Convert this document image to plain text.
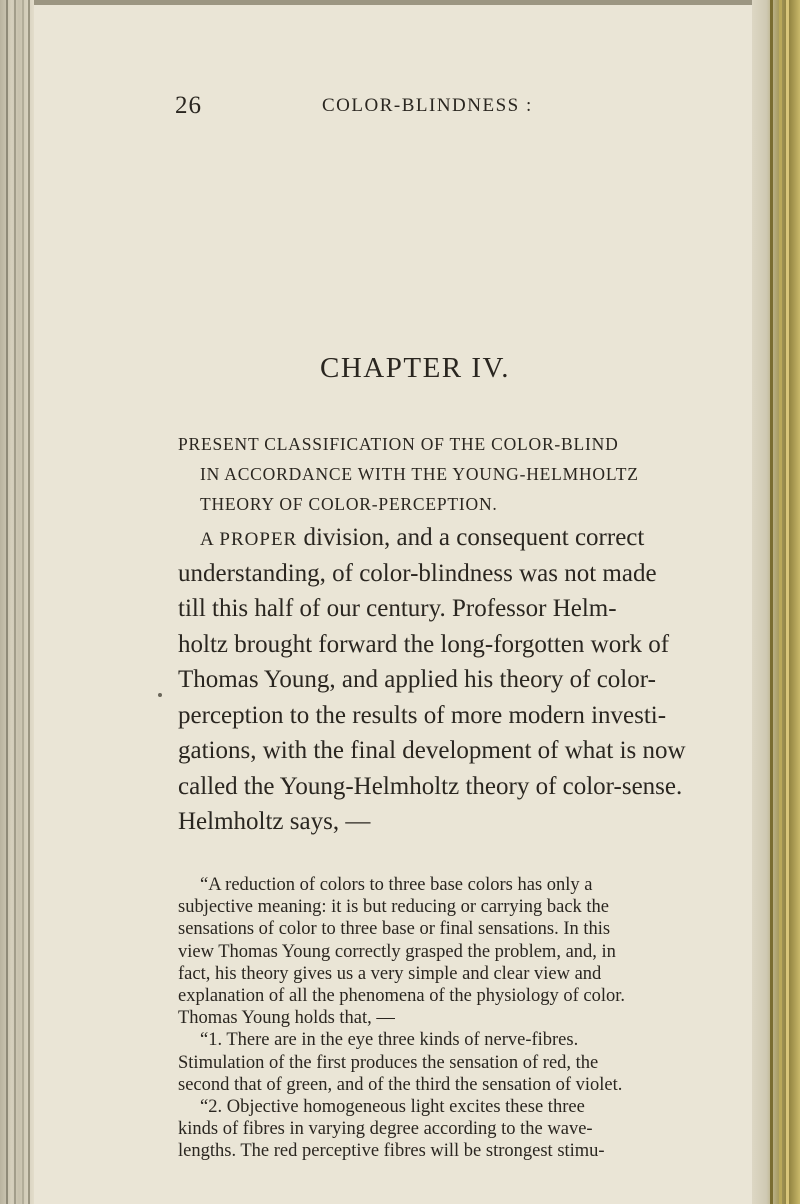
26	COLOR-BLINDNESS :
CHAPTER IV.
PRESENT CLASSIFICATION OF THE COLOR-BLIND
IN ACCORDANCE WITH THE YOUNG-HELMHOLTZ
THEORY OF COLOR-PERCEPTION.
A PROPER division, and a consequent correct
understanding, of color-blindness was not made
till this half of our century. Professor Helm-
holtz brought forward the long-forgotten work of
Thomas Young, and applied his theory of color-
perception to the results of more modern investi-
gations, with the final development of what is now
called the Young-Helmholtz theory of color-sense.
Helmholtz says, —
“A reduction of colors to three base colors has only a
subjective meaning: it is but reducing or carrying back the
sensations of color to three base or final sensations. In this
view Thomas Young correctly grasped the problem, and, in
fact, his theory gives us a very simple and clear view and
explanation of all the phenomena of the physiology of color.
Thomas Young holds that, —
“1. There are in the eye three kinds of nerve-fibres.
Stimulation of the first produces the sensation of red, the
second that of green, and of the third the sensation of violet.
“2. Objective homogeneous light excites these three
kinds of fibres in varying degree according to the wave-
lengths. The red perceptive fibres will be strongest stimu-
